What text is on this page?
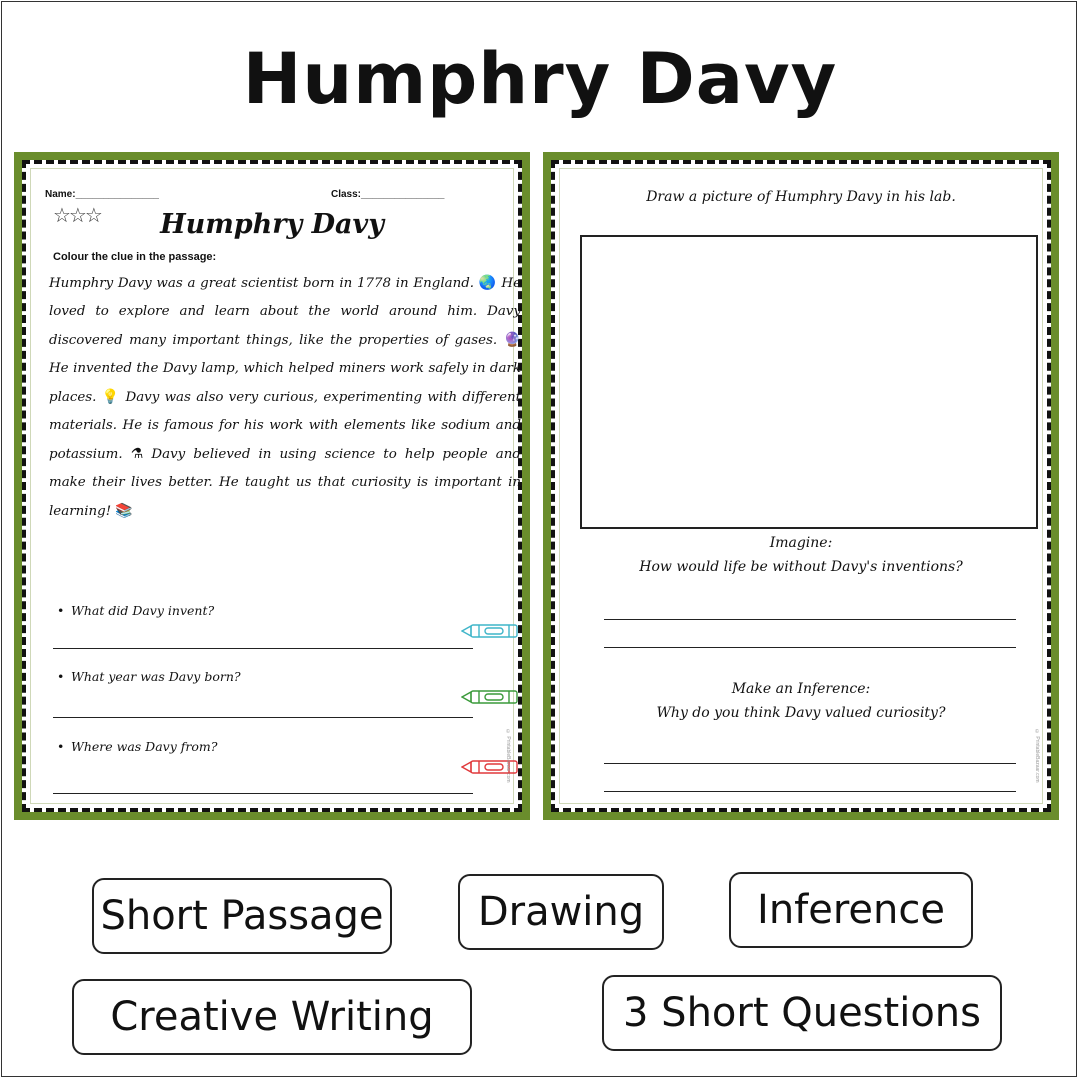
Humphry Davy
Name:_______________	Class:_______________
☆☆☆	Humphry Davy
Colour the clue in the passage:
Humphry Davy was a great scientist born in 1778 in England. 🌏 He loved to explore and learn about the world around him. Davy discovered many important things, like the properties of gases. 🔮 He invented the Davy lamp, which helped miners work safely in dark places. 💡 Davy was also very curious, experimenting with different materials. He is famous for his work with elements like sodium and potassium. ⚗ Davy believed in using science to help people and make their lives better. He taught us that curiosity is important in learning! 📚
• What did Davy invent?
• What year was Davy born?
• Where was Davy from?	© PrintableBazaar.com
Draw a picture of Humphry Davy in his lab.
Imagine:
How would life be without Davy's inventions?
Make an Inference:
Why do you think Davy valued curiosity?
© PrintableBazaar.com
Short Passage	Drawing	Inference
Creative Writing	3 Short Questions
